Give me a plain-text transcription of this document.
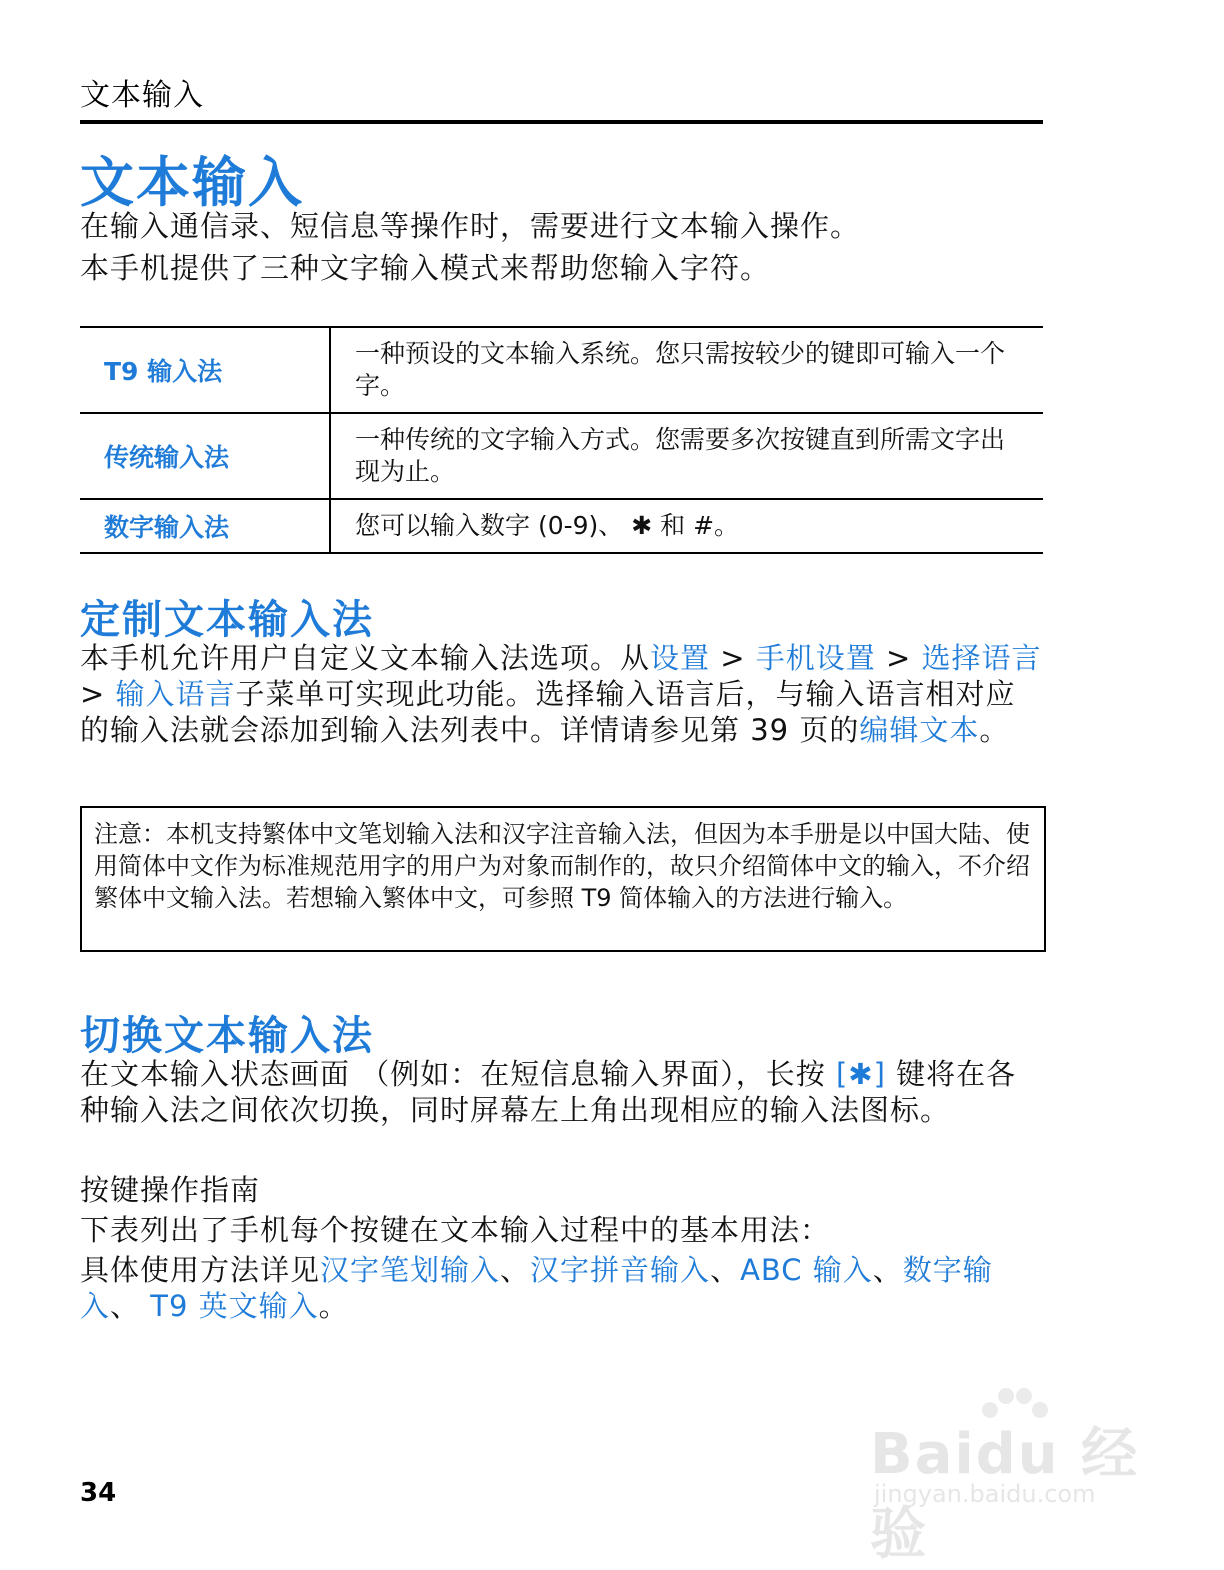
文本输入
文本输入
在输入通信录、短信息等操作时，需要进行文本输入操作。
本手机提供了三种文字输入模式来帮助您输入字符。
T9 输入法	一种预设的文本输入系统。您只需按较少的键即可输入一个字。
传统输入法	一种传统的文字输入方式。您需要多次按键直到所需文字出现为止。
数字输入法	您可以输入数字 (0-9)、 ✱ 和 #。
定制文本输入法
本手机允许用户自定义文本输入法选项。从设置 > 手机设置 > 选择语言 > 输入语言子菜单可实现此功能。选择输入语言后，与输入语言相对应的输入法就会添加到输入法列表中。详情请参见第 39 页的编辑文本。
注意：本机支持繁体中文笔划输入法和汉字注音输入法，但因为本手册是以中国大陆、使用简体中文作为标准规范用字的用户为对象而制作的，故只介绍简体中文的输入，不介绍繁体中文输入法。若想输入繁体中文，可参照 T9 简体输入的方法进行输入。
切换文本输入法
在文本输入状态画面 （例如：在短信息输入界面），长按 [✱] 键将在各种输入法之间依次切换，同时屏幕左上角出现相应的输入法图标。
按键操作指南
下表列出了手机每个按键在文本输入过程中的基本用法：
具体使用方法详见汉字笔划输入、汉字拼音输入、ABC 输入、数字输入、 T9 英文输入。
34
Baidu 经验
jingyan.baidu.com
